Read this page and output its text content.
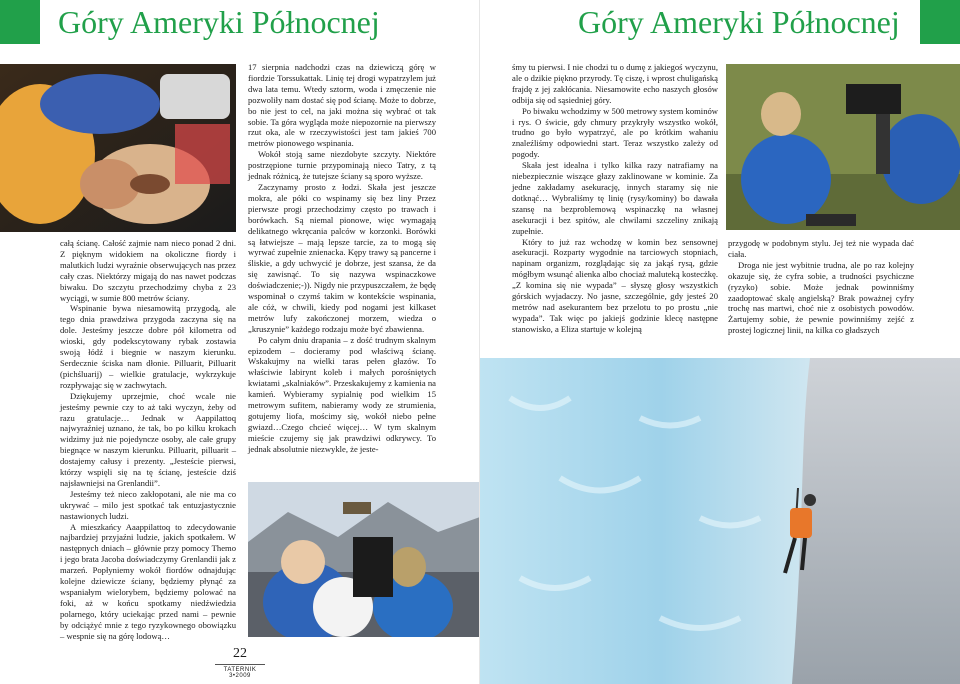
Góry Ameryki Północnej

całą ścianę. Całość zajmie nam nieco ponad 2 dni. Z pięknym widokiem na okoliczne fiordy i malutkich ludzi wyraźnie obserwujących nas przez cały czas. Niektórzy migają do nas nawet podczas biwaku. Do szczytu przechodzimy chyba z 23 wyciągi, w sumie 800 metrów ściany.

Wspinanie bywa niesamowitą przygodą, ale tego dnia prawdziwa przygoda zaczyna się na dole. Jesteśmy jeszcze dobre pół kilometra od wioski, gdy podekscytowany rybak zostawia swoją łódź i biegnie w naszym kierunku. Serdecznie ściska nam dłonie. Pilluarit, Pilluarit (pichśluarij) – wielkie gratulacje, wykrzykuje rozpływając się w zachwytach.

Dziękujemy uprzejmie, choć wcale nie jesteśmy pewnie czy to aż taki wyczyn, żeby od razu gratulacje… Jednak w Aappilattoq najwyraźniej uznano, że tak, bo po kilku krokach widzimy już nie pojedyncze osoby, ale całe grupy biegnące w naszym kierunku. Pilluarit, pilluarit – dostajemy całusy i prezenty. „Jesteście pierwsi, którzy wspięli się na tę ścianę, jesteście dziś najsławniejsi na Grenlandii”.

Jesteśmy też nieco zakłopotani, ale nie ma co ukrywać – milo jest spotkać tak entuzjastycznie nastawionych ludzi.

A mieszkańcy Aaappilattoq to zdecydowanie najbardziej przyjaźni ludzie, jakich spotkałem. W następnych dniach – głównie przy pomocy Themo i jego brata Jacoba doświadczymy Grenlandii jak z marzeń. Popłyniemy wokół fiordów odnajdując kolejne dziewicze ściany, będziemy płynąć za wspaniałym wielorybem, będziemy polować na foki, aż w końcu spotkamy niedźwiedzia polarnego, który uciekając przed nami – pewnie by odciążyć mnie z tego ryzykownego obowiązku – wespnie się na górę lodową…

17 sierpnia nadchodzi czas na dziewiczą górę w fiordzie Torssukattak. Linię tej drogi wypatrzylem już dwa lata temu. Wtedy sztorm, woda i zmęczenie nie pozwoliły nam dostać się pod ścianę. Może to dobrze, bo nie jest to cel, na jaki można się wybrać ot tak sobie. Ta góra wygląda może niepozornie na pierwszy rzut oka, ale w rzeczywistości jest tam jakieś 700 metrów pionowego wspinania.

Wokół stoją same niezdobyte szczyty. Niektóre postrzępione turnie przypominają nieco Tatry, z tą jednak różnicą, że tutejsze ściany są sporo wyższe.

Zaczynamy prosto z łodzi. Skała jest jeszcze mokra, ale póki co wspinamy się bez liny Przez pierwsze progi przechodzimy często po trawach i borówkach. Są niemal pionowe, więc wymagają delikatnego wkręcania palców w korzonki. Borówki są łatwiejsze – mają lepsze tarcie, za to mogą się wyrwać zupełnie znienacka. Kępy trawy są pancerne i śliskie, a gdy uchwycić je dobrze, jest szansa, że da się zawisnąć. To się nazywa wspinaczkowe doświadczenie;-)). Nigdy nie przypuszczałem, że będę wspominał o czymś takim w kontekście wspinania, ale cóż, w chwili, kiedy pod nogami jest kilkaset metrów lufy zakończonej morzem, wiedza o „kruszynie” każdego rodzaju może być zbawienna.

Po całym dniu drapania – z dość trudnym skalnym epizodem – docieramy pod właściwą ścianę. Wskakujmy na wielki taras pełen głazów. To właściwie labirynt koleb i małych porośniętych kwiatami „skalniaków”. Przeskakujemy z kamienia na kamień. Wybieramy sypialnię pod wielkim 15 metrowym sufitem, nabieramy wody ze strumienia, gotujemy liofa, mościmy się, wokół niebo pełne gwiazd…Czego chcieć więcej… W tym skalnym mieście czujemy się jak prawdziwi odkrywcy. To jednak absolutnie niezwykle, że jeste-

22
TATERNIK 3•2009
Góry Ameryki Północnej

śmy tu pierwsi. I nie chodzi tu o dumę z jakiegoś wyczynu, ale o dzikie piękno przyrody. Tę ciszę, i wprost chuligańską frajdę z jej zakłócania. Niesamowite echo naszych głosów odbija się od sąsiedniej góry.

Po biwaku wchodzimy w 500 metrowy system kominów i rys. O świcie, gdy chmury przykryły wszystko wokół, trudno go było wypatrzyć, ale po krótkim wahaniu znaleźliśmy odpowiedni start. Teraz wszystko zależy od pogody.

Skała jest idealna i tylko kilka razy natrafiamy na niebezpiecznie wiszące głazy zaklinowane w kominie. Za jedne zakładamy asekurację, innych staramy się nie dotknąć… Wybraliśmy tę linię (rysy/kominy) bo dawała szansę na bezproblemową wspinaczkę na własnej asekuracji i bez spitów, ale chwilami szczeliny znikają zupełnie.

Który to już raz wchodzę w komin bez sensownej asekuracji. Rozparty wygodnie na tarciowych stopniach, napinam organizm, rozglądając się za jakąś rysą, gdzie mógłbym wsunąć alienka albo chociaż maluteką kostecżkę. „Z komina się nie wypada” – słyszę głosy wszystkich górskich wyjadaczy. No jasne, szczególnie, gdy jesteś 20 metrów nad asekurantem bez przelotu to po prostu „nie wypada”. Tak więc po jakiejś godzinie klecę następne stanowisko, a Eliza startuje w kolejną

przygodę w podobnym stylu. Jej też nie wypada dać ciała.

Droga nie jest wybitnie trudna, ale po raz kolejny okazuje się, że cyfra sobie, a trudności psychiczne (ryzyko) sobie. Może jednak powinniśmy zaadoptować skalę angielską? Brak poważnej cyfry trochę nas martwi, choć nie z osobistych powodów. Żartujemy sobie, że pewnie powinniśmy zejść z prostej logicznej linii, na kilka co gładszych
